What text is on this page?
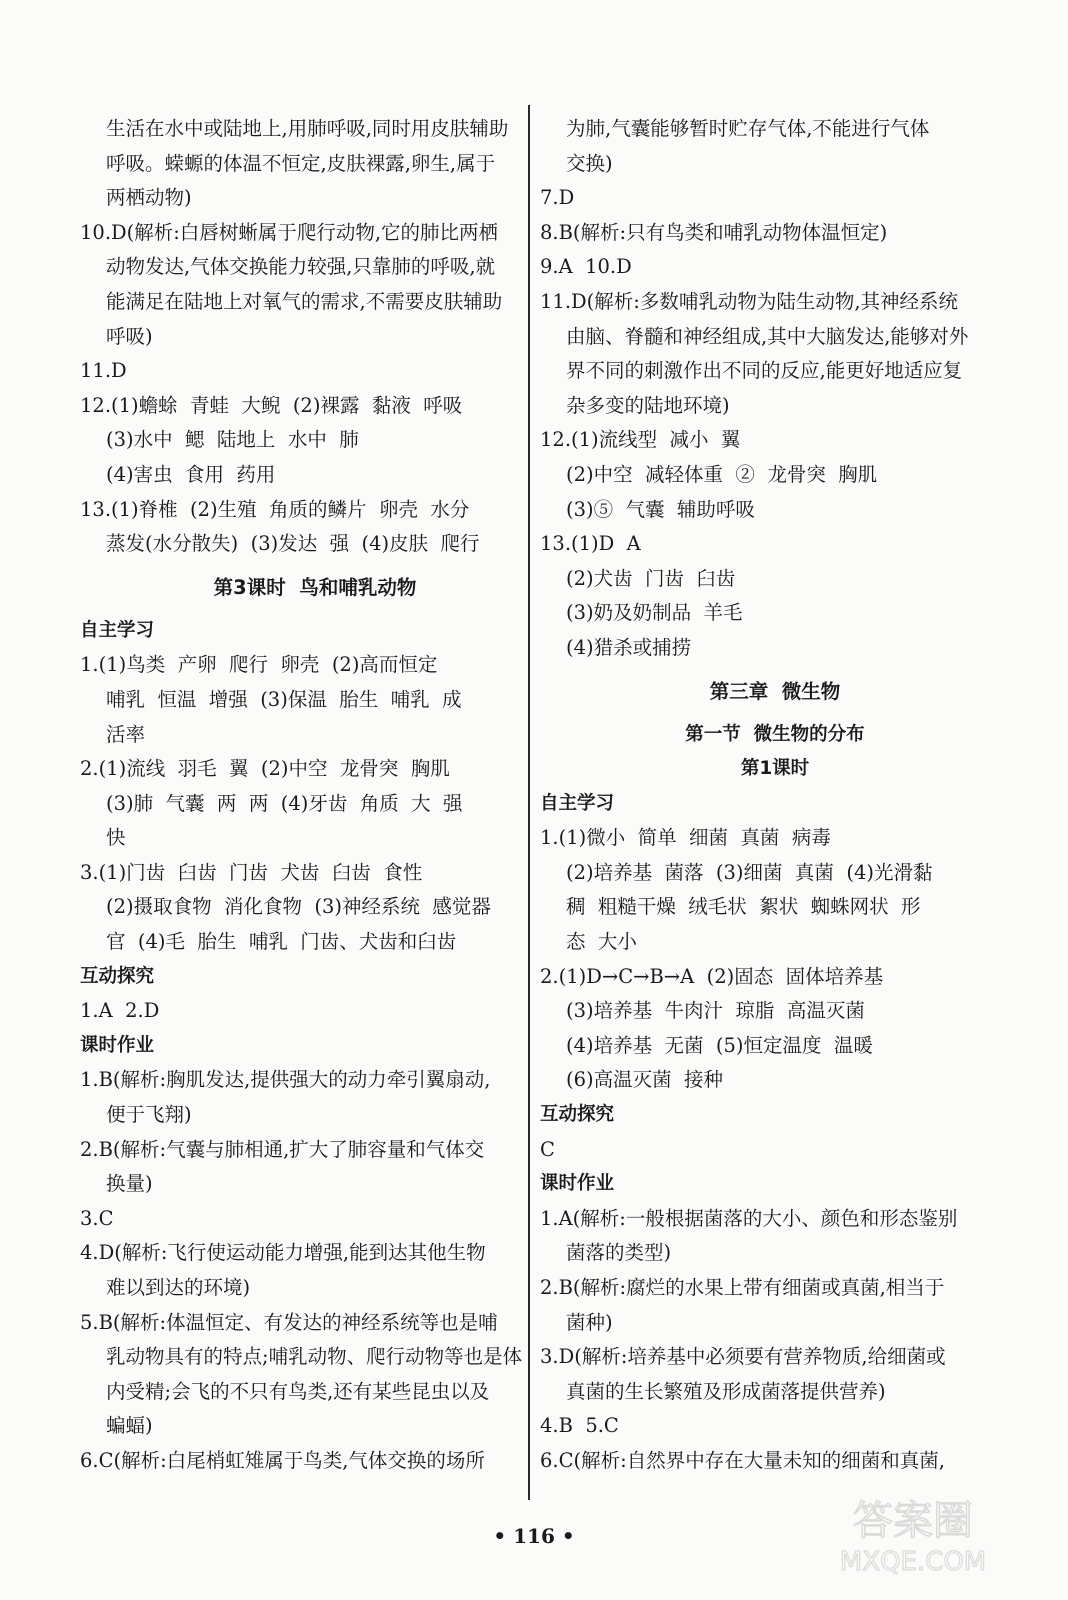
生活在水中或陆地上,用肺呼吸,同时用皮肤辅助
呼吸。蝾螈的体温不恒定,皮肤裸露,卵生,属于
两栖动物)
10.D(解析:白唇树蜥属于爬行动物,它的肺比两栖
动物发达,气体交换能力较强,只靠肺的呼吸,就
能满足在陆地上对氧气的需求,不需要皮肤辅助
呼吸)
11.D
12.(1)蟾蜍  青蛙  大鲵  (2)裸露  黏液  呼吸
(3)水中  鳃  陆地上  水中  肺
(4)害虫  食用  药用
13.(1)脊椎  (2)生殖  角质的鳞片  卵壳  水分
蒸发(水分散失)  (3)发达  强  (4)皮肤  爬行
第3课时  鸟和哺乳动物
自主学习
1.(1)鸟类  产卵  爬行  卵壳  (2)高而恒定
哺乳  恒温  增强  (3)保温  胎生  哺乳  成
活率
2.(1)流线  羽毛  翼  (2)中空  龙骨突  胸肌
(3)肺  气囊  两  两  (4)牙齿  角质  大  强
快
3.(1)门齿  臼齿  门齿  犬齿  臼齿  食性
(2)摄取食物  消化食物  (3)神经系统  感觉器
官  (4)毛  胎生  哺乳  门齿、犬齿和臼齿
互动探究
1.A  2.D
课时作业
1.B(解析:胸肌发达,提供强大的动力牵引翼扇动,
便于飞翔)
2.B(解析:气囊与肺相通,扩大了肺容量和气体交
换量)
3.C
4.D(解析:飞行使运动能力增强,能到达其他生物
难以到达的环境)
5.B(解析:体温恒定、有发达的神经系统等也是哺
乳动物具有的特点;哺乳动物、爬行动物等也是体
内受精;会飞的不只有鸟类,还有某些昆虫以及
蝙蝠)
6.C(解析:白尾梢虹雉属于鸟类,气体交换的场所
为肺,气囊能够暂时贮存气体,不能进行气体
交换)
7.D
8.B(解析:只有鸟类和哺乳动物体温恒定)
9.A  10.D
11.D(解析:多数哺乳动物为陆生动物,其神经系统
由脑、脊髓和神经组成,其中大脑发达,能够对外
界不同的刺激作出不同的反应,能更好地适应复
杂多变的陆地环境)
12.(1)流线型  减小  翼
(2)中空  减轻体重  ②  龙骨突  胸肌
(3)⑤  气囊  辅助呼吸
13.(1)D  A
(2)犬齿  门齿  臼齿
(3)奶及奶制品  羊毛
(4)猎杀或捕捞
第三章  微生物
第一节  微生物的分布
第1课时
自主学习
1.(1)微小  简单  细菌  真菌  病毒
(2)培养基  菌落  (3)细菌  真菌  (4)光滑黏
稠  粗糙干燥  绒毛状  絮状  蜘蛛网状  形
态  大小
2.(1)D→C→B→A  (2)固态  固体培养基
(3)培养基  牛肉汁  琼脂  高温灭菌
(4)培养基  无菌  (5)恒定温度  温暖
(6)高温灭菌  接种
互动探究
C
课时作业
1.A(解析:一般根据菌落的大小、颜色和形态鉴别
菌落的类型)
2.B(解析:腐烂的水果上带有细菌或真菌,相当于
菌种)
3.D(解析:培养基中必须要有营养物质,给细菌或
真菌的生长繁殖及形成菌落提供营养)
4.B  5.C
6.C(解析:自然界中存在大量未知的细菌和真菌,
• 116 •	答案圈
MXQE.COM
